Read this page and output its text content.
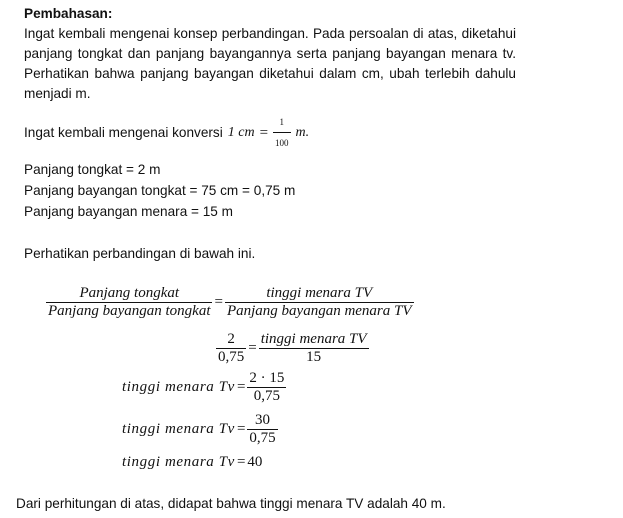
Pembahasan:
Ingat kembali mengenai konsep perbandingan. Pada persoalan di atas, diketahui panjang tongkat dan panjang bayangannya serta panjang bayangan menara tv. Perhatikan bahwa panjang bayangan diketahui dalam cm, ubah terlebih dahulu menjadi m.
Ingat kembali mengenai konversi 1 cm = $\frac{1}{100} m$.
Panjang tongkat = 2 m
Panjang bayangan tongkat = 75 cm = 0,75 m
Panjang bayangan menara = 15 m
Perhatikan perbandingan di bawah ini.
$\frac{\text{Panjang tongkat}}{\text{Panjang bayangan tongkat}} = \frac{\text{tinggi menara TV}}{\text{Panjang bayangan menara TV}}$
$\frac{2}{0,75} = \frac{\text{tinggi menara TV}}{15}$
tinggi menara $Tv = \frac{2 \cdot 15}{0,75}$
tinggi menara $Tv = \frac{30}{0,75}$
tinggi menara Tv = 40
Dari perhitungan di atas, didapat bahwa tinggi menara TV adalah 40 m.
